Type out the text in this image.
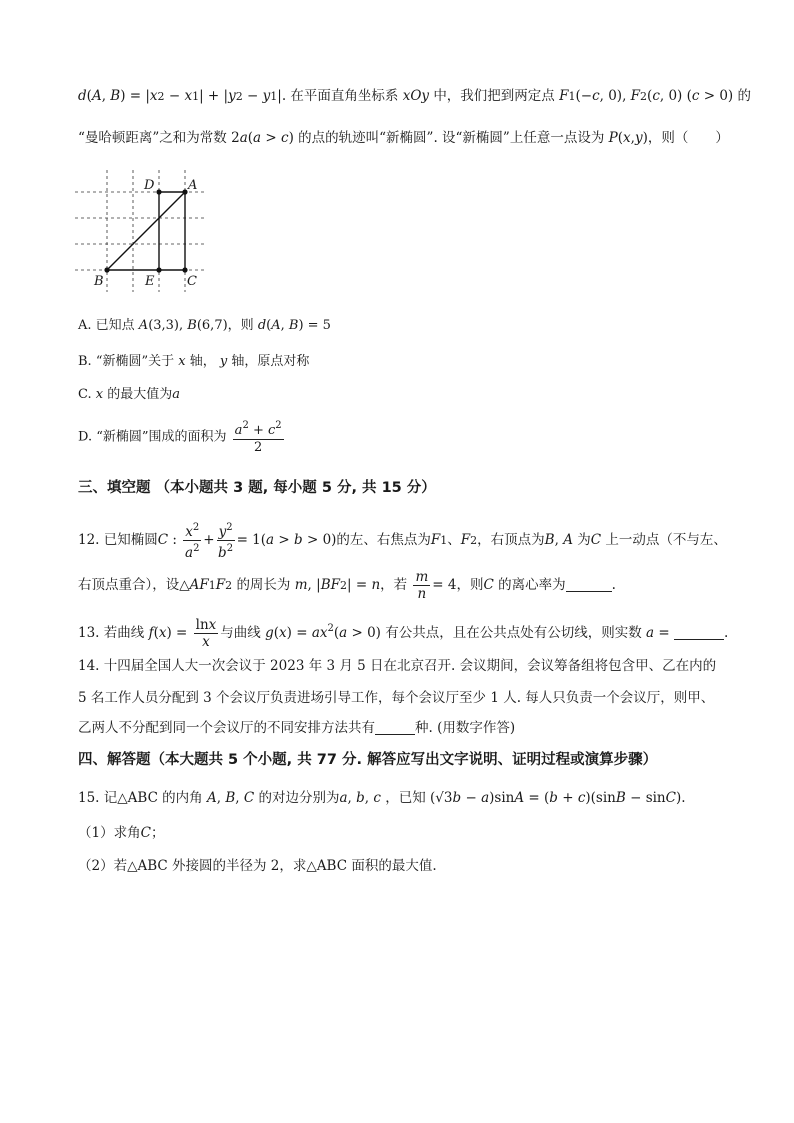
d(A, B) = |x2 − x1| + |y2 − y1|. 在平面直角坐标系 xOy 中，我们把到两定点 F1(−c, 0), F2(c, 0) (c > 0) 的
“曼哈顿距离”之和为常数 2a(a > c) 的点的轨迹叫“新椭圆”. 设“新椭圆”上任意一点设为 P(x,y)，则（　　）
D	A
B	E	C
A. 已知点 A(3,3), B(6,7)，则 d(A, B) = 5
B. “新椭圆”关于 x 轴， y 轴，原点对称
C. x 的最大值为a
D. “新椭圆”围成的面积为 $\frac{a^2 + c^2}{2}$
三、填空题 （本小题共 3 题, 每小题 5 分, 共 15 分）
12. 已知椭圆C : $\frac{x^2}{a^2} + \frac{y^2}{b^2} = 1(a > b > 0)$的左、右焦点为F1、F2，右顶点为B, A 为C 上一动点（不与左、
右顶点重合），设△AF1F2 的周长为 m, |BF2| = n，若 $\frac{m}{n} = 4$，则C 的离心率为	.
13. 若曲线 $f(x) = \frac{\ln x}{x}$ 与曲线 $g(x) = ax^2(a > 0)$ 有公共点，且在公共点处有公切线，则实数 a =	.
14. 十四届全国人大一次会议于 2023 年 3 月 5 日在北京召开. 会议期间，会议筹备组将包含甲、乙在内的
5 名工作人员分配到 3 个会议厅负责进场引导工作，每个会议厅至少 1 人. 每人只负责一个会议厅，则甲、
乙两人不分配到同一个会议厅的不同安排方法共有	种. (用数字作答)
四、解答题（本大题共 5 个小题, 共 77 分. 解答应写出文字说明、证明过程或演算步骤）
15. 记△ABC 的内角 A, B, C 的对边分别为a, b, c ，已知 (√3b − a)sinA = (b + c)(sinB − sinC).
（1）求角C；
（2）若△ABC 外接圆的半径为 2，求△ABC 面积的最大值.
